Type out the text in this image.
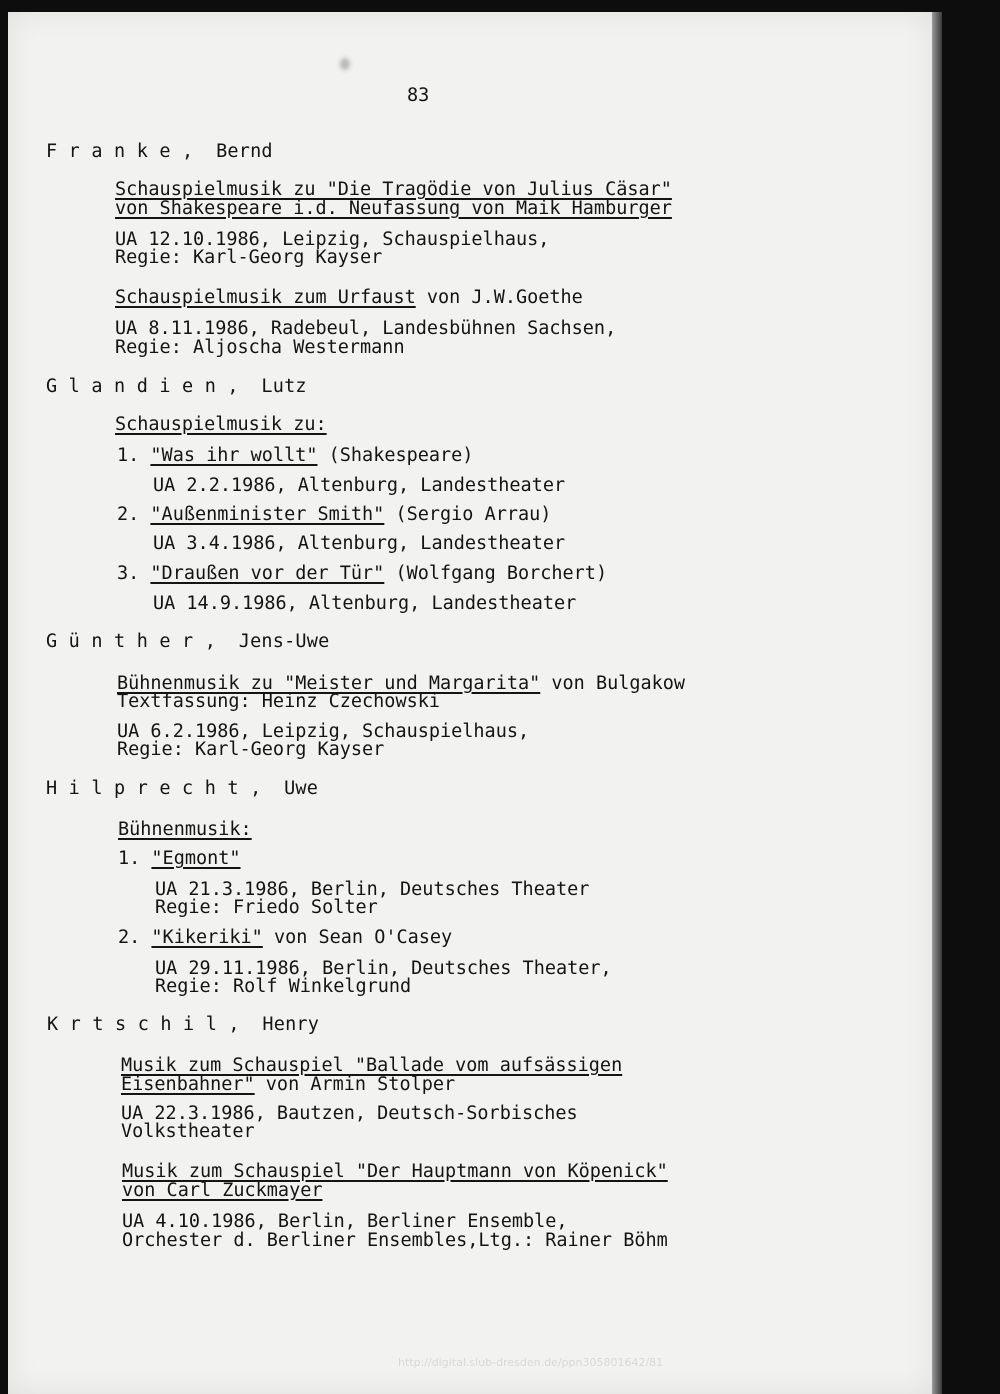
83
F r a n k e ,  Bernd
Schauspielmusik zu "Die Tragödie von Julius Cäsar"
von Shakespeare i.d. Neufassung von Maik Hamburger
UA 12.10.1986, Leipzig, Schauspielhaus,
Regie: Karl-Georg Kayser
Schauspielmusik zum Urfaust von J.W.Goethe
UA 8.11.1986, Radebeul, Landesbühnen Sachsen,
Regie: Aljoscha Westermann
G l a n d i e n ,  Lutz
Schauspielmusik zu:
1. "Was ihr wollt" (Shakespeare)
UA 2.2.1986, Altenburg, Landestheater
2. "Außenminister Smith" (Sergio Arrau)
UA 3.4.1986, Altenburg, Landestheater
3. "Draußen vor der Tür" (Wolfgang Borchert)
UA 14.9.1986, Altenburg, Landestheater
G ü n t h e r ,  Jens-Uwe
Bühnenmusik zu "Meister und Margarita" von Bulgakow
Textfassung: Heinz Czechowski
UA 6.2.1986, Leipzig, Schauspielhaus,
Regie: Karl-Georg Kayser
H i l p r e c h t ,  Uwe
Bühnenmusik:
1. "Egmont"
UA 21.3.1986, Berlin, Deutsches Theater
Regie: Friedo Solter
2. "Kikeriki" von Sean O'Casey
UA 29.11.1986, Berlin, Deutsches Theater,
Regie: Rolf Winkelgrund
K r t s c h i l ,  Henry
Musik zum Schauspiel "Ballade vom aufsässigen
Eisenbahner" von Armin Stolper
UA 22.3.1986, Bautzen, Deutsch-Sorbisches
Volkstheater
Musik zum Schauspiel "Der Hauptmann von Köpenick"
von Carl Zuckmayer
UA 4.10.1986, Berlin, Berliner Ensemble,
Orchester d. Berliner Ensembles,Ltg.: Rainer Böhm
http://digital.slub-dresden.de/ppn305801642/81
